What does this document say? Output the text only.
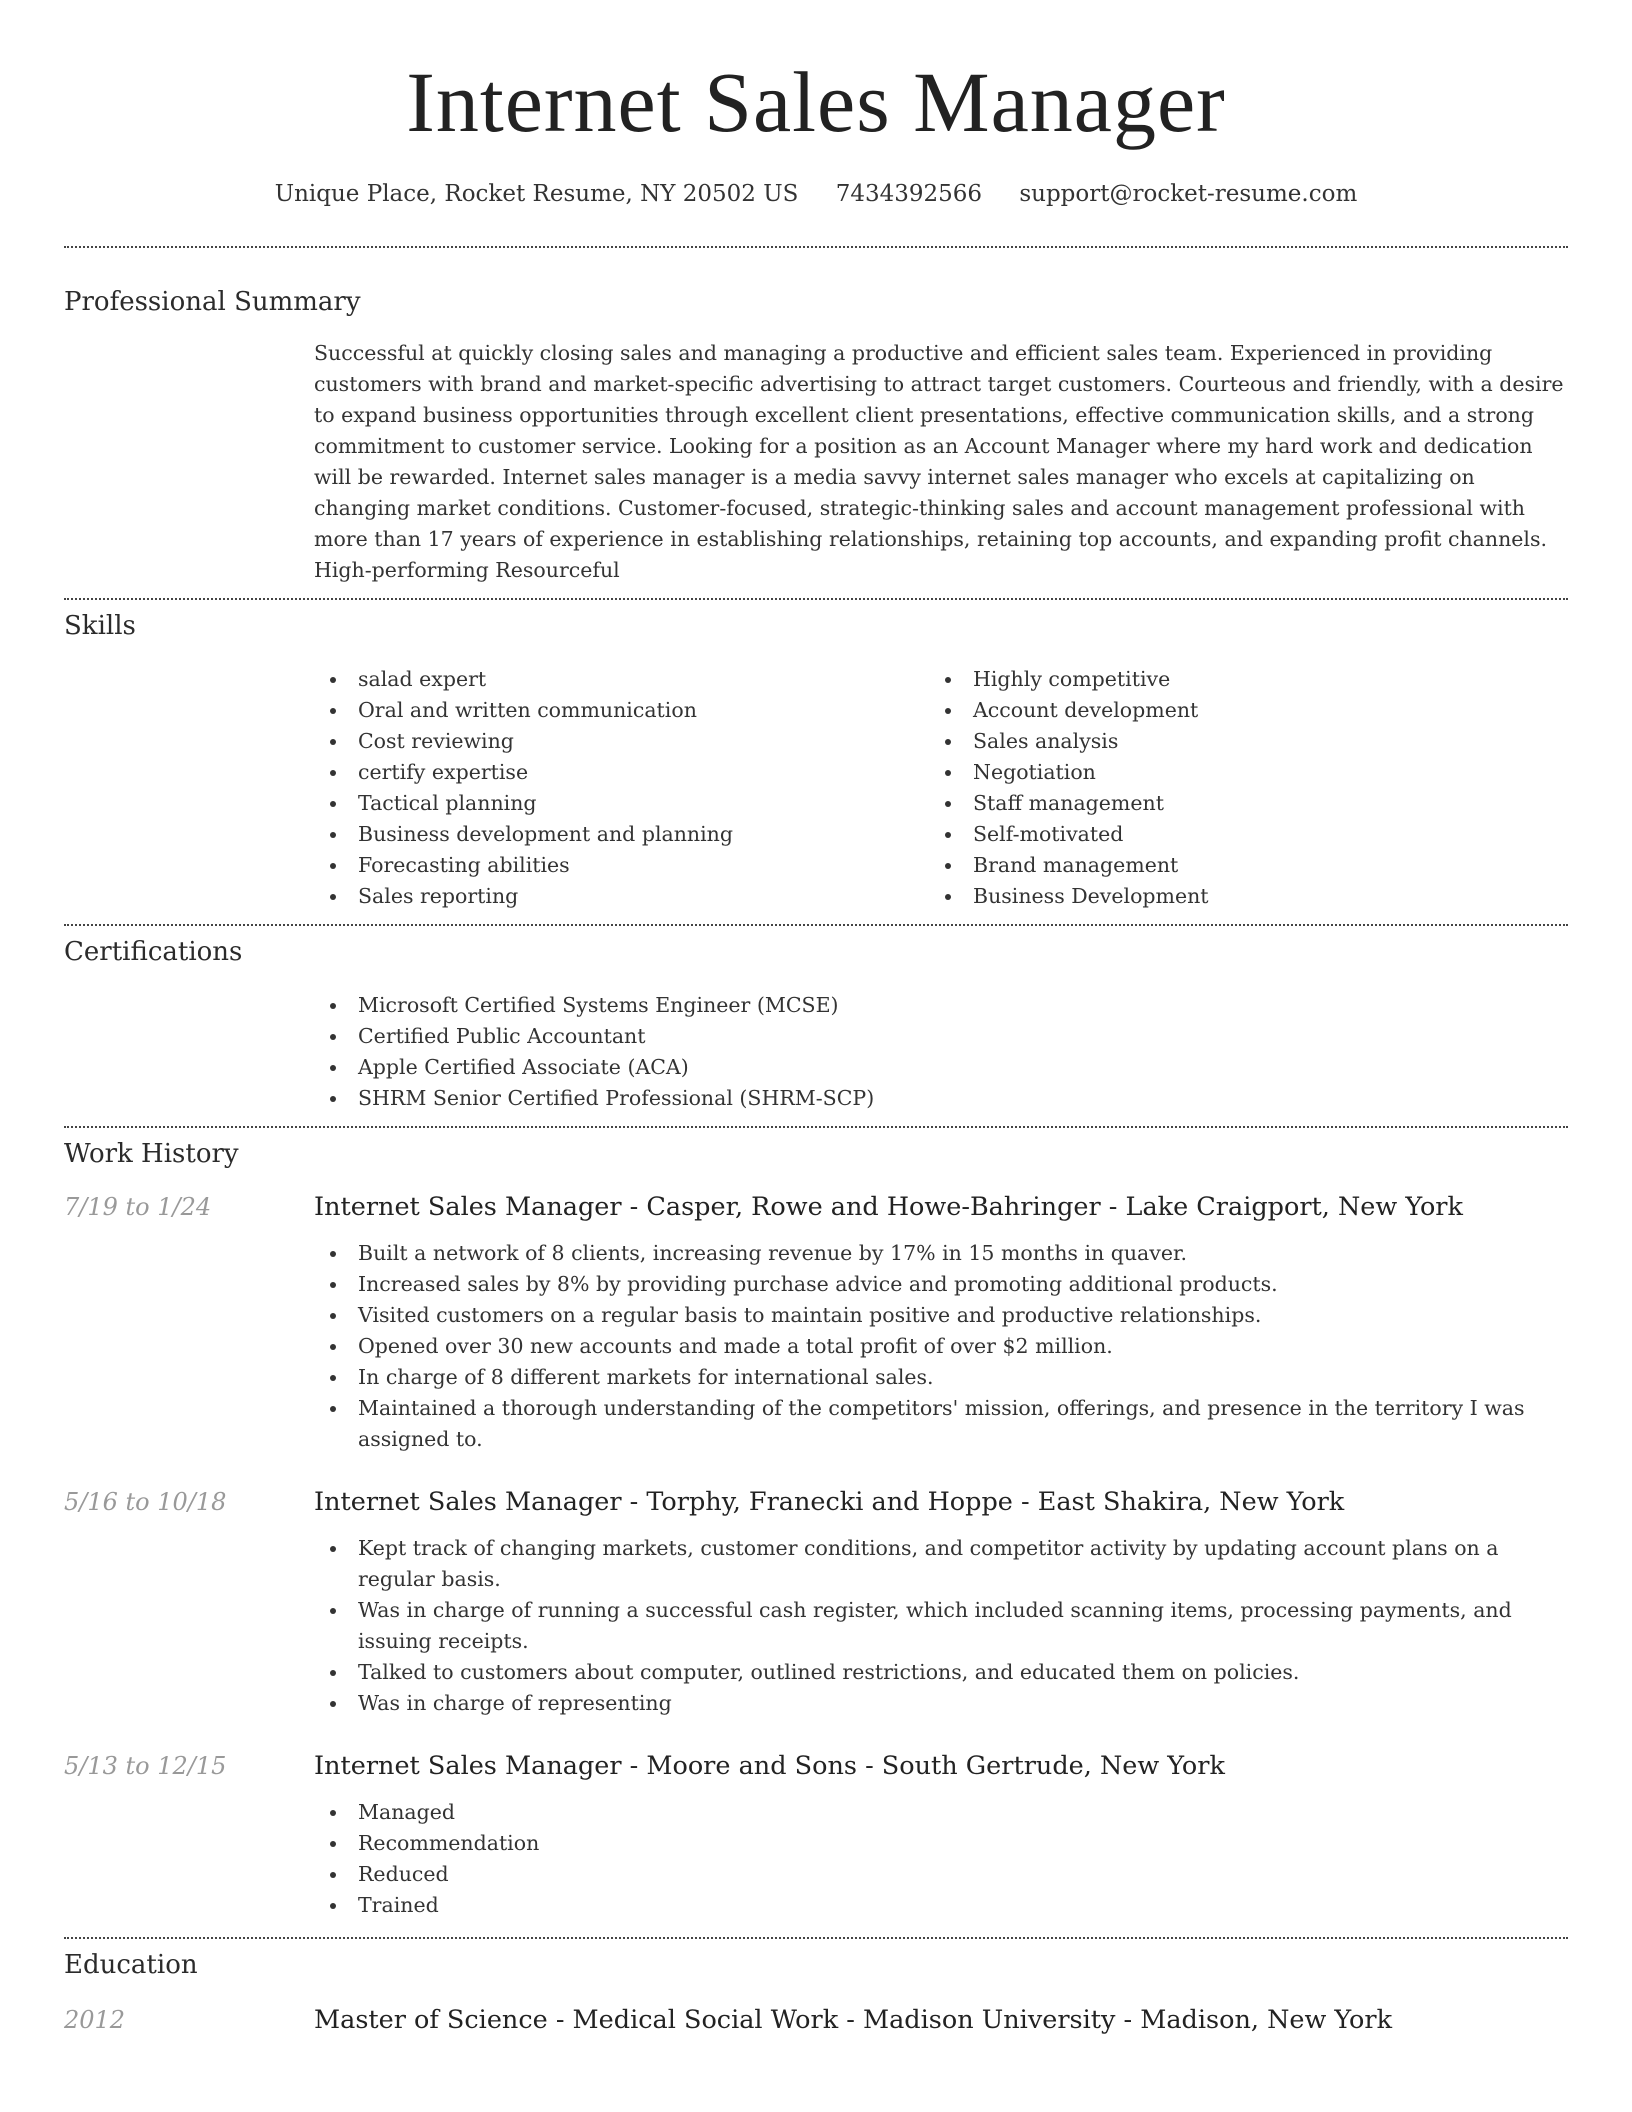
Internet Sales Manager
Unique Place, Rocket Resume, NY 20502 US 7434392566 support@rocket-resume.com
Professional Summary
Successful at quickly closing sales and managing a productive and efficient sales team. Experienced in providing customers with brand and market-specific advertising to attract target customers. Courteous and friendly, with a desire to expand business opportunities through excellent client presentations, effective communication skills, and a strong commitment to customer service. Looking for a position as an Account Manager where my hard work and dedication will be rewarded. Internet sales manager is a media savvy internet sales manager who excels at capitalizing on changing market conditions. Customer-focused, strategic-thinking sales and account management professional with more than 17 years of experience in establishing relationships, retaining top accounts, and expanding profit channels. High-performing Resourceful
Skills
salad expert
Oral and written communication
Cost reviewing
certify expertise
Tactical planning
Business development and planning
Forecasting abilities
Sales reporting
Highly competitive
Account development
Sales analysis
Negotiation
Staff management
Self-motivated
Brand management
Business Development
Certifications
Microsoft Certified Systems Engineer (MCSE)
Certified Public Accountant
Apple Certified Associate (ACA)
SHRM Senior Certified Professional (SHRM-SCP)
Work History
7/19 to 1/24	Internet Sales Manager - Casper, Rowe and Howe-Bahringer - Lake Craigport, New York
Built a network of 8 clients, increasing revenue by 17% in 15 months in quaver.
Increased sales by 8% by providing purchase advice and promoting additional products.
Visited customers on a regular basis to maintain positive and productive relationships.
Opened over 30 new accounts and made a total profit of over $2 million.
In charge of 8 different markets for international sales.
Maintained a thorough understanding of the competitors' mission, offerings, and presence in the territory I was assigned to.
5/16 to 10/18	Internet Sales Manager - Torphy, Franecki and Hoppe - East Shakira, New York
Kept track of changing markets, customer conditions, and competitor activity by updating account plans on a regular basis.
Was in charge of running a successful cash register, which included scanning items, processing payments, and issuing receipts.
Talked to customers about computer, outlined restrictions, and educated them on policies.
Was in charge of representing
5/13 to 12/15	Internet Sales Manager - Moore and Sons - South Gertrude, New York
Managed
Recommendation
Reduced
Trained
Education
2012	Master of Science - Medical Social Work - Madison University - Madison, New York
